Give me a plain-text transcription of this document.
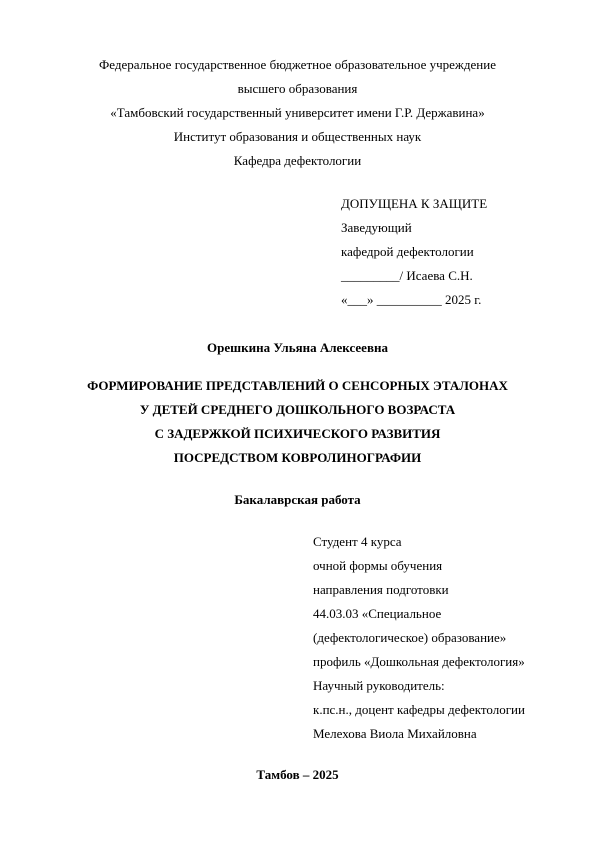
Федеральное государственное бюджетное образовательное учреждение
высшего образования
«Тамбовский государственный университет имени Г.Р. Державина»
Институт образования и общественных наук
Кафедра дефектологии
ДОПУЩЕНА К ЗАЩИТЕ
Заведующий
кафедрой дефектологии
_________/ Исаева С.Н.
«___» __________ 2025 г.
Орешкина Ульяна Алексеевна
ФОРМИРОВАНИЕ ПРЕДСТАВЛЕНИЙ О СЕНСОРНЫХ ЭТАЛОНАХ
У ДЕТЕЙ СРЕДНЕГО ДОШКОЛЬНОГО ВОЗРАСТА
С ЗАДЕРЖКОЙ ПСИХИЧЕСКОГО РАЗВИТИЯ
ПОСРЕДСТВОМ КОВРОЛИНОГРАФИИ
Бакалаврская работа
Студент 4 курса
очной формы обучения
направления подготовки
44.03.03 «Специальное
(дефектологическое) образование»
профиль «Дошкольная дефектология»
Научный руководитель:
к.пс.н., доцент кафедры дефектологии
Мелехова Виола Михайловна
Тамбов – 2025
